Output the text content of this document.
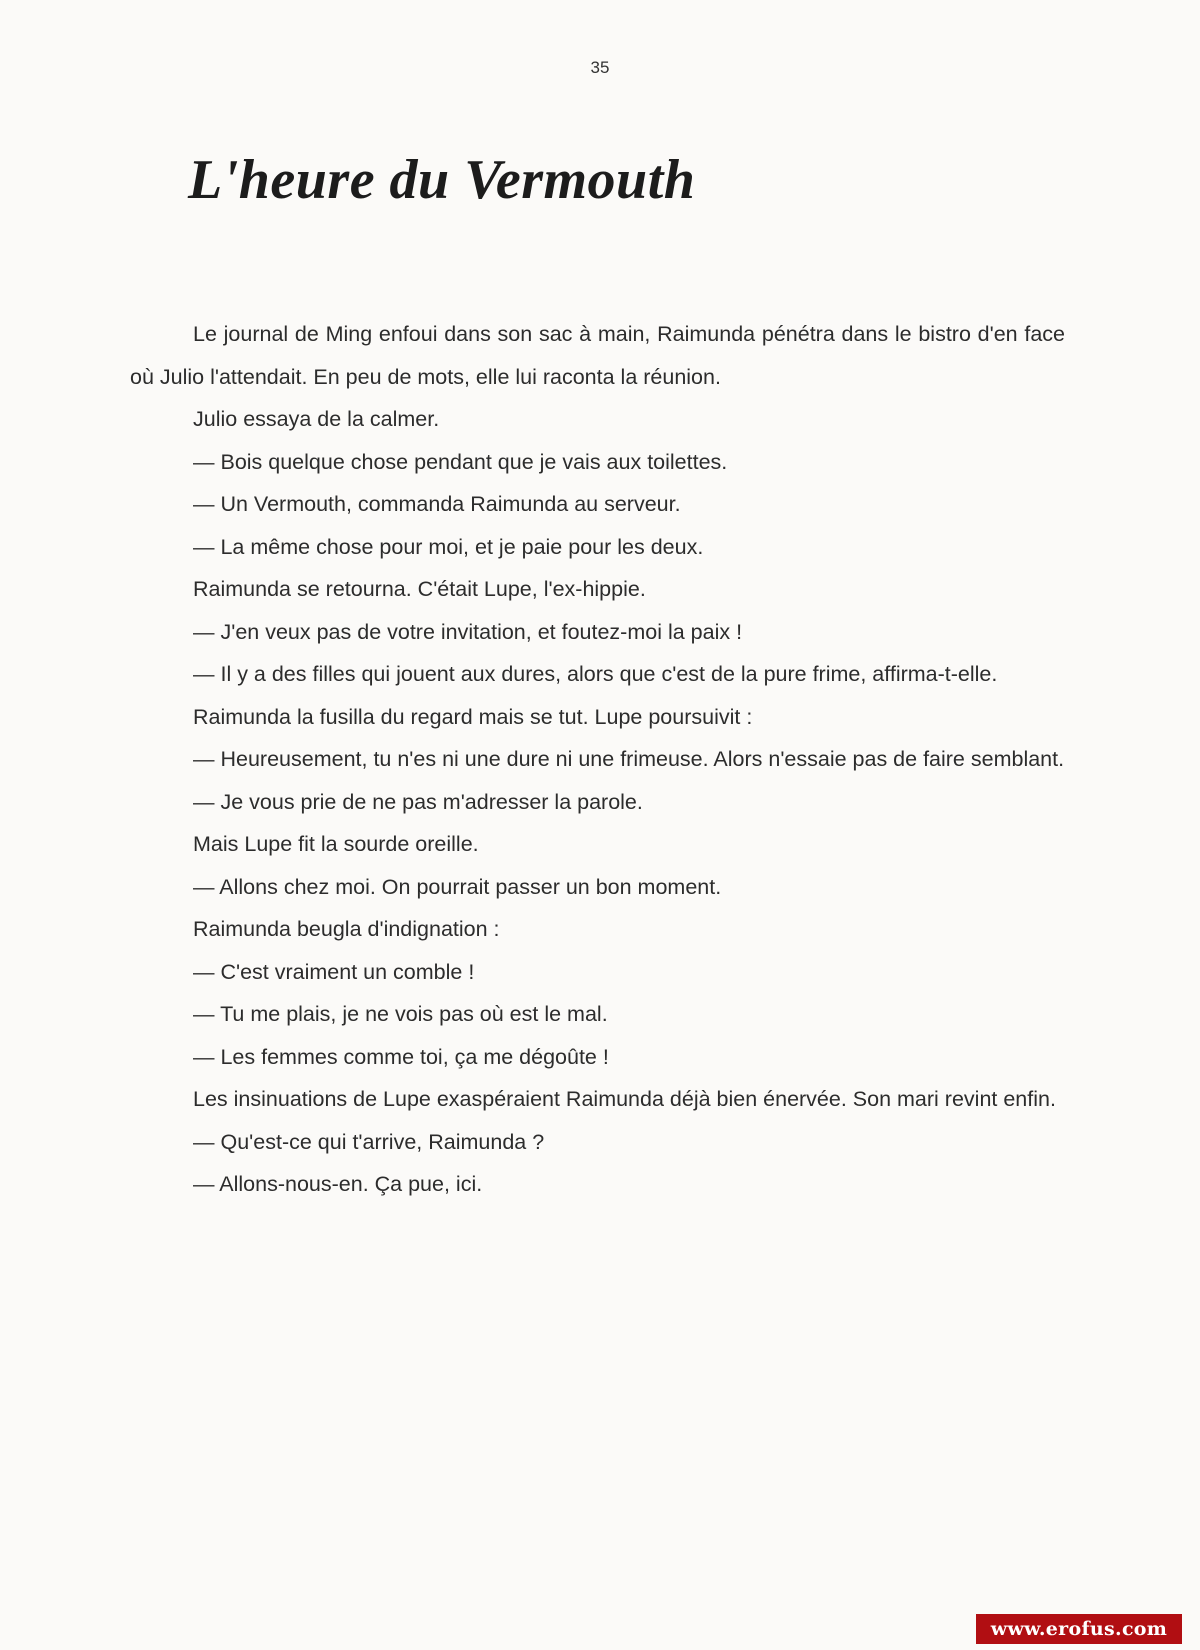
35
L'heure du Vermouth

Le journal de Ming enfoui dans son sac à main, Raimunda pénétra dans le bistro d'en face où Julio l'attendait. En peu de mots, elle lui raconta la réunion.

Julio essaya de la calmer.

— Bois quelque chose pendant que je vais aux toilettes.

— Un Vermouth, commanda Raimunda au serveur.

— La même chose pour moi, et je paie pour les deux.

Raimunda se retourna. C'était Lupe, l'ex-hippie.

— J'en veux pas de votre invitation, et foutez-moi la paix !

— Il y a des filles qui jouent aux dures, alors que c'est de la pure frime, affirma-t-elle.

Raimunda la fusilla du regard mais se tut. Lupe poursuivit :

— Heureusement, tu n'es ni une dure ni une frimeuse. Alors n'essaie pas de faire semblant.

— Je vous prie de ne pas m'adresser la parole.

Mais Lupe fit la sourde oreille.

— Allons chez moi. On pourrait passer un bon moment.

Raimunda beugla d'indignation :

— C'est vraiment un comble !

— Tu me plais, je ne vois pas où est le mal.

— Les femmes comme toi, ça me dégoûte !

Les insinuations de Lupe exaspéraient Raimunda déjà bien énervée. Son mari revint enfin.

— Qu'est-ce qui t'arrive, Raimunda ?

— Allons-nous-en. Ça pue, ici.

www.erofus.com
